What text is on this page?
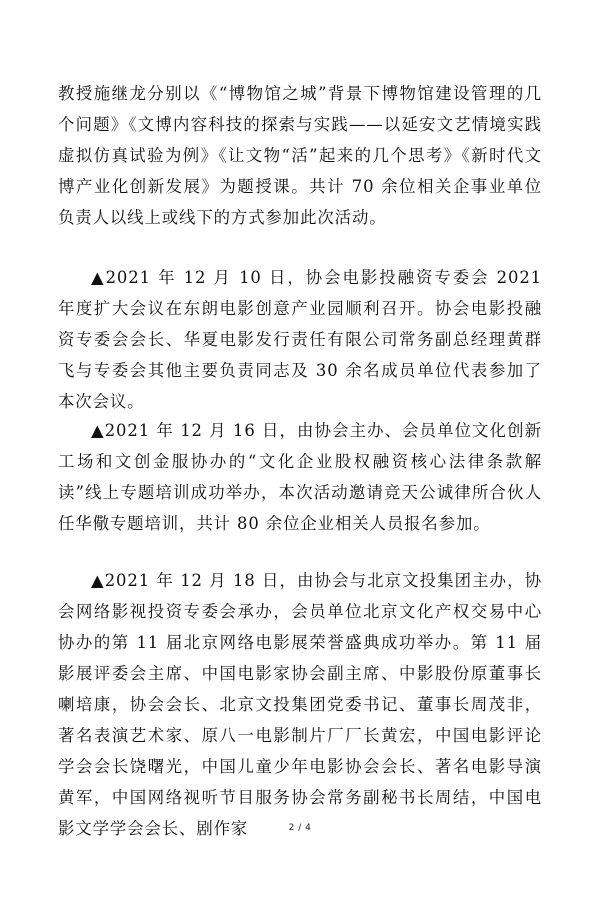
教授施继龙分别以《“博物馆之城”背景下博物馆建设管理的几个问题》《文博内容科技的探索与实践——以延安文艺情境实践虚拟仿真试验为例》《让文物“活”起来的几个思考》《新时代文博产业化创新发展》为题授课。共计 70 余位相关企事业单位负责人以线上或线下的方式参加此次活动。

▲2021 年 12 月 10 日，协会电影投融资专委会 2021 年度扩大会议在东朗电影创意产业园顺利召开。协会电影投融资专委会会长、华夏电影发行责任有限公司常务副总经理黄群飞与专委会其他主要负责同志及 30 余名成员单位代表参加了本次会议。

▲2021 年 12 月 16 日，由协会主办、会员单位文化创新工场和文创金服协办的“文化企业股权融资核心法律条款解读”线上专题培训成功举办，本次活动邀请竞天公诚律所合伙人任华儆专题培训，共计 80 余位企业相关人员报名参加。

▲2021 年 12 月 18 日，由协会与北京文投集团主办，协会网络影视投资专委会承办，会员单位北京文化产权交易中心协办的第 11 届北京网络电影展荣誉盛典成功举办。第 11 届影展评委会主席、中国电影家协会副主席、中影股份原董事长喇培康，协会会长、北京文投集团党委书记、董事长周茂非，著名表演艺术家、原八一电影制片厂厂长黄宏，中国电影评论学会会长饶曙光，中国儿童少年电影协会会长、著名电影导演黄军，中国网络视听节目服务协会常务副秘书长周结，中国电影文学学会会长、剧作家	2 / 4
